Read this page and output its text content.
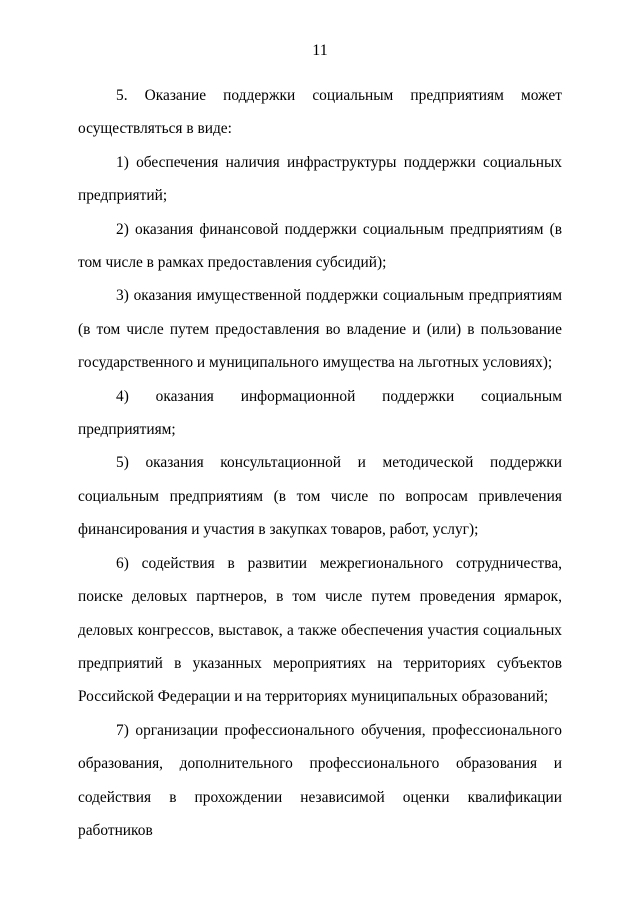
11

5. Оказание поддержки социальным предприятиям может осуществляться в виде:

1) обеспечения наличия инфраструктуры поддержки социальных предприятий;

2) оказания финансовой поддержки социальным предприятиям (в том числе в рамках предоставления субсидий);

3) оказания имущественной поддержки социальным предприятиям (в том числе путем предоставления во владение и (или) в пользование государственного и муниципального имущества на льготных условиях);

4) оказания информационной поддержки социальным предприятиям;

5) оказания консультационной и методической поддержки социальным предприятиям (в том числе по вопросам привлечения финансирования и участия в закупках товаров, работ, услуг);

6) содействия в развитии межрегионального сотрудничества, поиске деловых партнеров, в том числе путем проведения ярмарок, деловых конгрессов, выставок, а также обеспечения участия социальных предприятий в указанных мероприятиях на территориях субъектов Российской Федерации и на территориях муниципальных образований;

7) организации профессионального обучения, профессионального образования, дополнительного профессионального образования и содействия в прохождении независимой оценки квалификации работников
